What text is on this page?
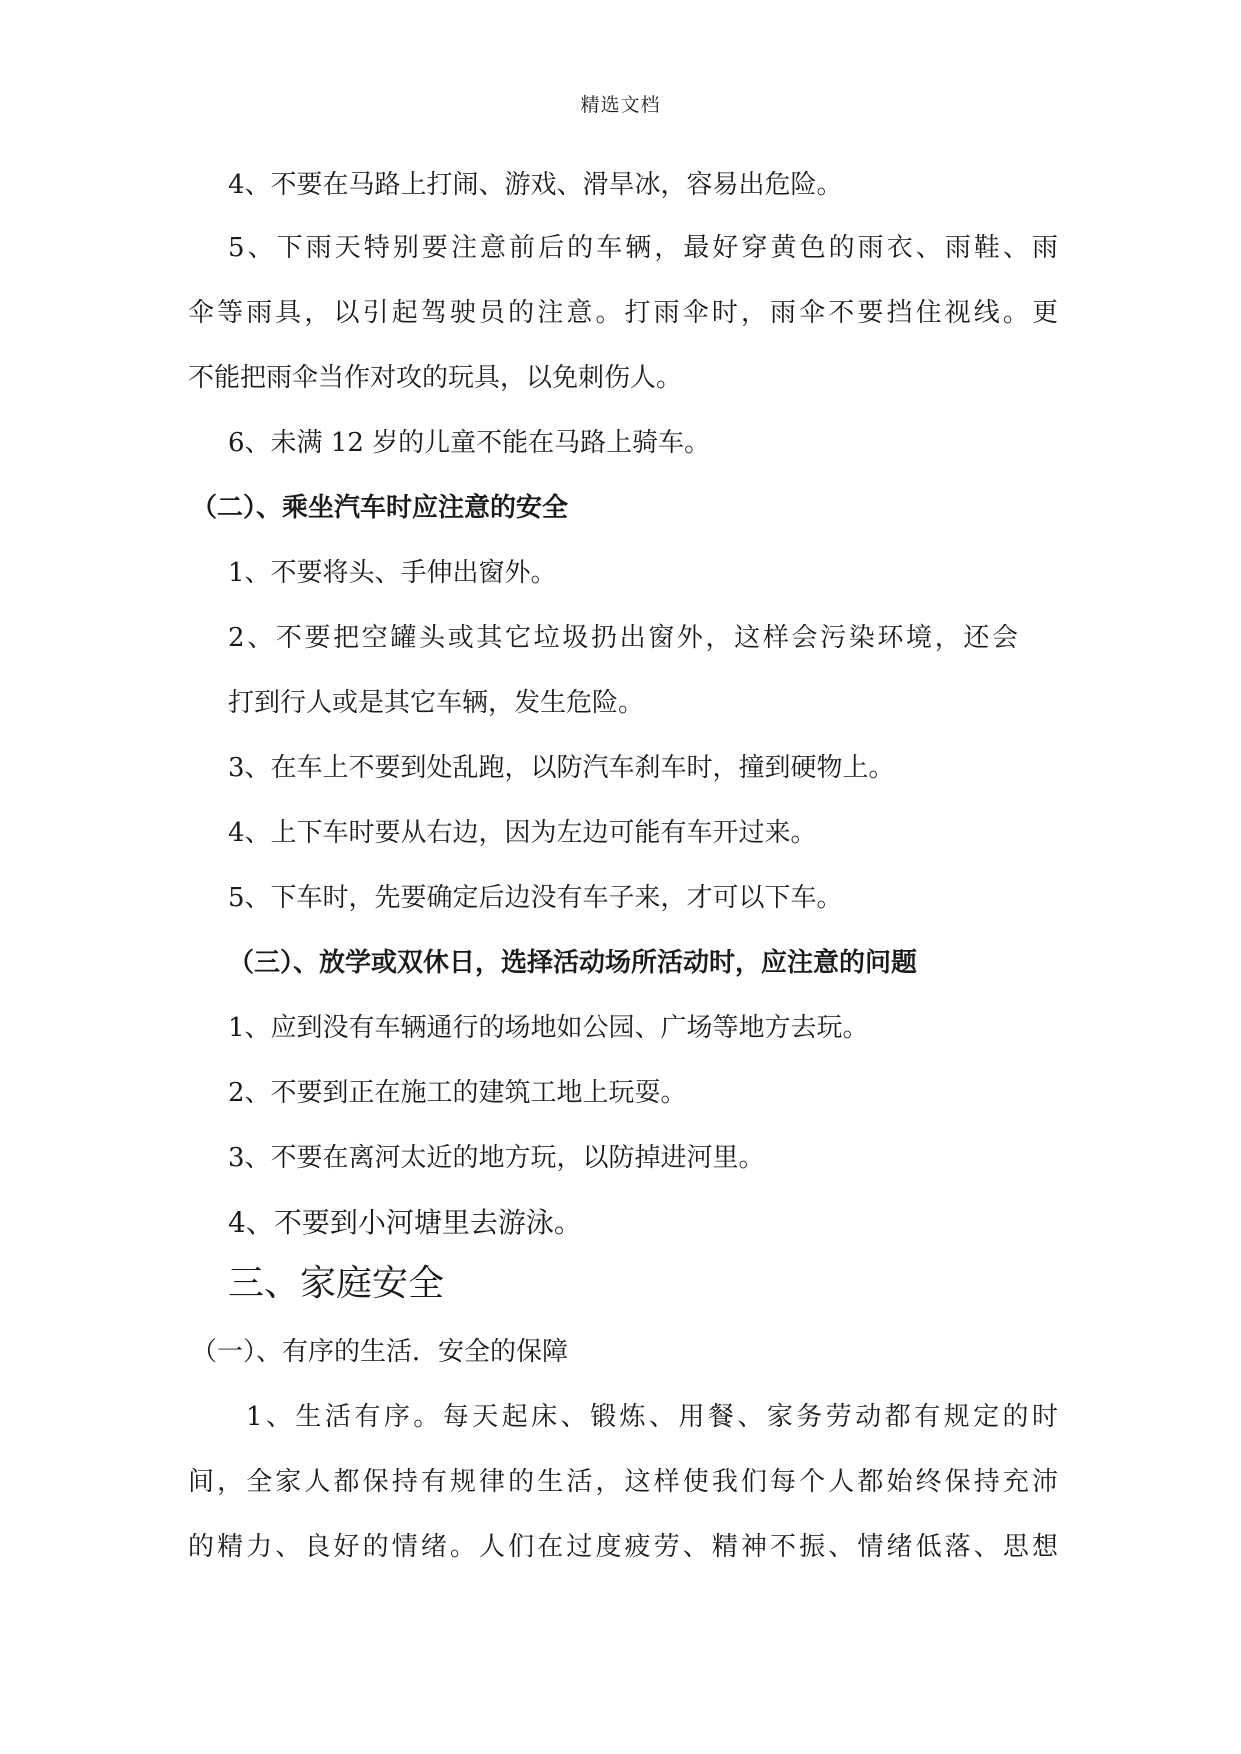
精选文档
4、不要在马路上打闹、游戏、滑旱冰，容易出危险。
5、下雨天特别要注意前后的车辆，最好穿黄色的雨衣、雨鞋、雨
伞等雨具，以引起驾驶员的注意。打雨伞时，雨伞不要挡住视线。更
不能把雨伞当作对攻的玩具，以免刺伤人。
6、未满 12 岁的儿童不能在马路上骑车。
（二）、乘坐汽车时应注意的安全
1、不要将头、手伸出窗外。
2、不要把空罐头或其它垃圾扔出窗外，这样会污染环境，还会
打到行人或是其它车辆，发生危险。
3、在车上不要到处乱跑，以防汽车刹车时，撞到硬物上。
4、上下车时要从右边，因为左边可能有车开过来。
5、下车时，先要确定后边没有车子来，才可以下车。
（三）、放学或双休日，选择活动场所活动时，应注意的问题
1、应到没有车辆通行的场地如公园、广场等地方去玩。
2、不要到正在施工的建筑工地上玩耍。
3、不要在离河太近的地方玩，以防掉进河里。
4、不要到小河塘里去游泳。
三、家庭安全
（一）、有序的生活．安全的保障
1、生活有序。每天起床、锻炼、用餐、家务劳动都有规定的时
间，全家人都保持有规律的生活，这样使我们每个人都始终保持充沛
的精力、良好的情绪。人们在过度疲劳、精神不振、情绪低落、思想
